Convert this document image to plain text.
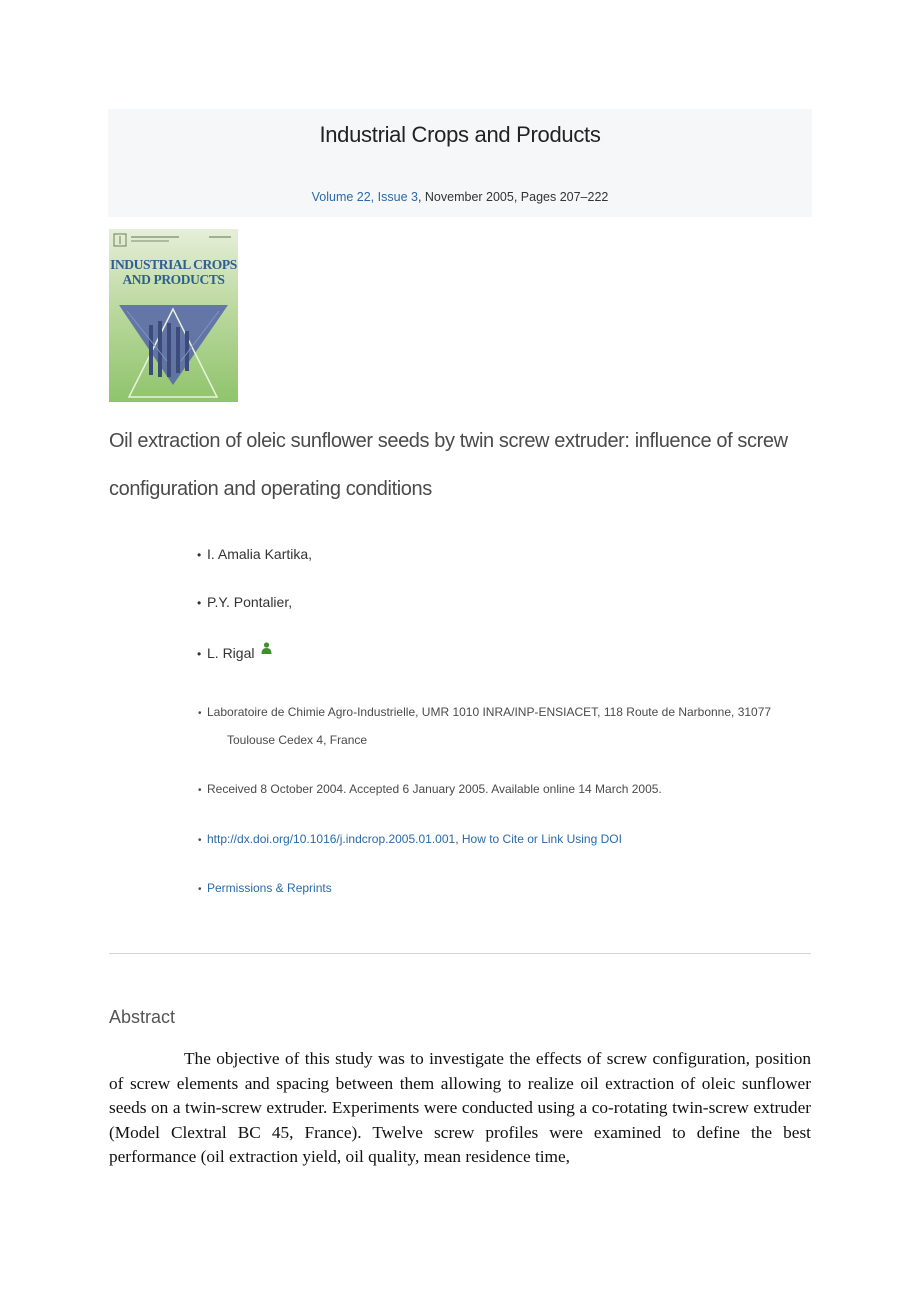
Industrial Crops and Products
Volume 22, Issue 3, November 2005, Pages 207–222
INDUSTRIAL CROPS
AND PRODUCTS
Oil extraction of oleic sunflower seeds by twin screw extruder: influence of screw configuration and operating conditions
• I. Amalia Kartika,
• P.Y. Pontalier,
• L. Rigal
• Laboratoire de Chimie Agro-Industrielle, UMR 1010 INRA/INP-ENSIACET, 118 Route de Narbonne, 31077
Toulouse Cedex 4, France
• Received 8 October 2004. Accepted 6 January 2005. Available online 14 March 2005.
• http://dx.doi.org/10.1016/j.indcrop.2005.01.001, How to Cite or Link Using DOI
• Permissions & Reprints
Abstract

The objective of this study was to investigate the effects of screw configuration, position of screw elements and spacing between them allowing to realize oil extraction of oleic sunflower seeds on a twin-screw extruder. Experiments were conducted using a co-rotating twin-screw extruder (Model Clextral BC 45, France). Twelve screw profiles were examined to define the best performance (oil extraction yield, oil quality, mean residence time,
